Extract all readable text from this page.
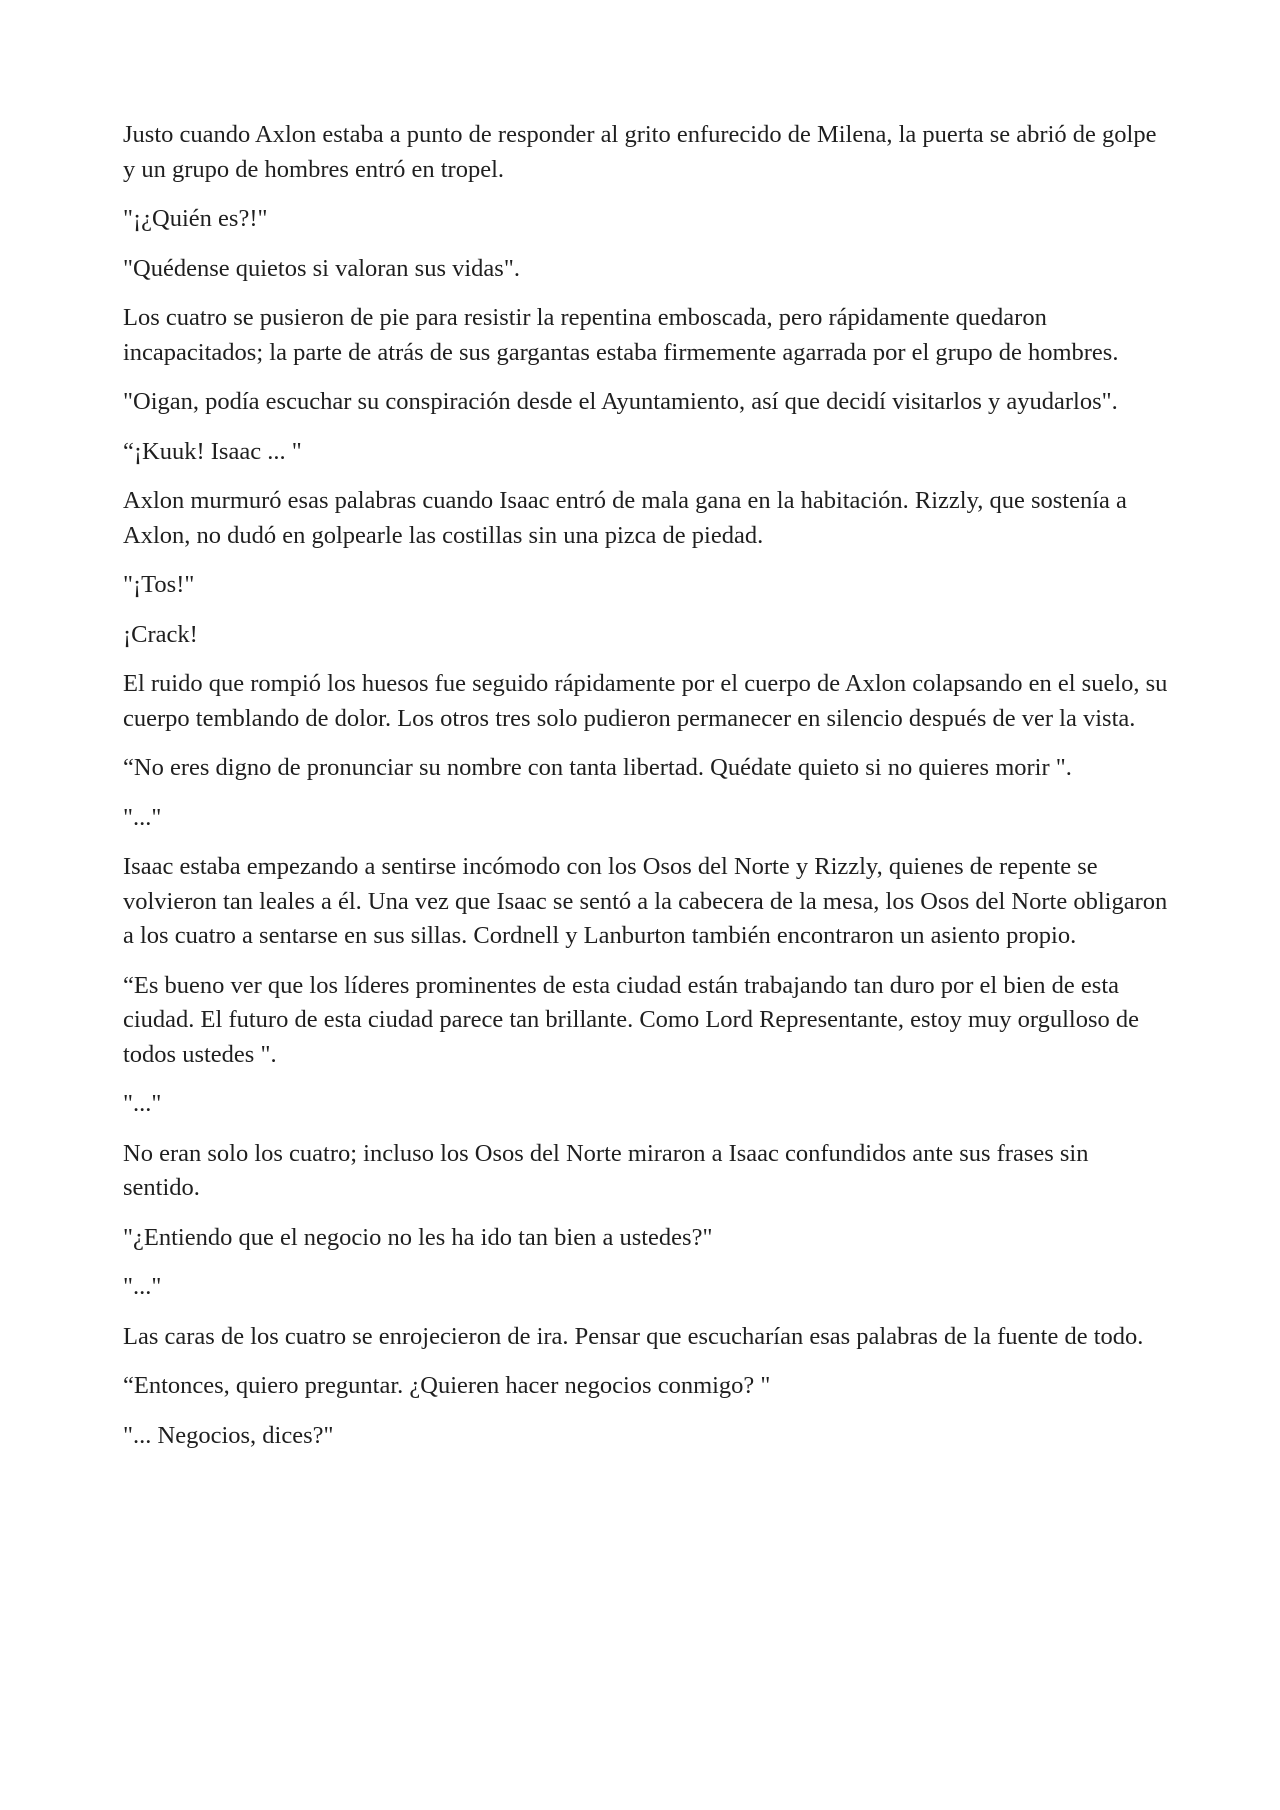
Justo cuando Axlon estaba a punto de responder al grito enfurecido de Milena, la puerta se abrió de golpe y un grupo de hombres entró en tropel.

"¡¿Quién es?!"

"Quédense quietos si valoran sus vidas".

Los cuatro se pusieron de pie para resistir la repentina emboscada, pero rápidamente quedaron incapacitados; la parte de atrás de sus gargantas estaba firmemente agarrada por el grupo de hombres.

"Oigan, podía escuchar su conspiración desde el Ayuntamiento, así que decidí visitarlos y ayudarlos".

“¡Kuuk! Isaac ... "

Axlon murmuró esas palabras cuando Isaac entró de mala gana en la habitación. Rizzly, que sostenía a Axlon, no dudó en golpearle las costillas sin una pizca de piedad.

"¡Tos!"

¡Crack!

El ruido que rompió los huesos fue seguido rápidamente por el cuerpo de Axlon colapsando en el suelo, su cuerpo temblando de dolor. Los otros tres solo pudieron permanecer en silencio después de ver la vista.

“No eres digno de pronunciar su nombre con tanta libertad. Quédate quieto si no quieres morir ".

"..."

Isaac estaba empezando a sentirse incómodo con los Osos del Norte y Rizzly, quienes de repente se volvieron tan leales a él. Una vez que Isaac se sentó a la cabecera de la mesa, los Osos del Norte obligaron a los cuatro a sentarse en sus sillas. Cordnell y Lanburton también encontraron un asiento propio.

“Es bueno ver que los líderes prominentes de esta ciudad están trabajando tan duro por el bien de esta ciudad. El futuro de esta ciudad parece tan brillante. Como Lord Representante, estoy muy orgulloso de todos ustedes ".

"..."

No eran solo los cuatro; incluso los Osos del Norte miraron a Isaac confundidos ante sus frases sin sentido.

"¿Entiendo que el negocio no les ha ido tan bien a ustedes?"

"..."

Las caras de los cuatro se enrojecieron de ira. Pensar que escucharían esas palabras de la fuente de todo.

“Entonces, quiero preguntar. ¿Quieren hacer negocios conmigo? "

"... Negocios, dices?"
